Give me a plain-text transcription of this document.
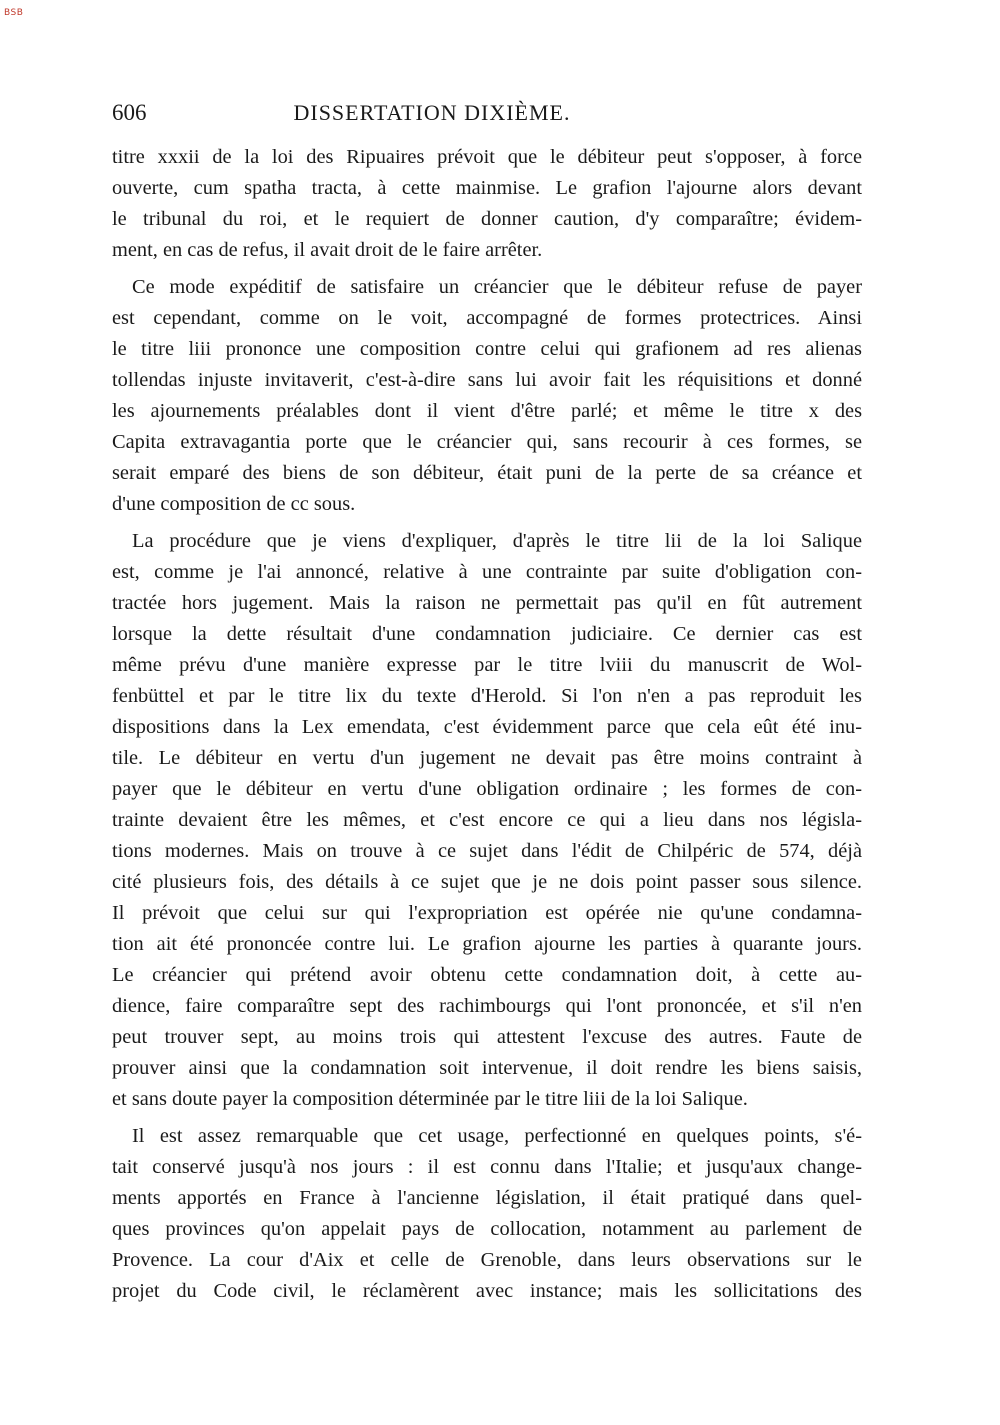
BSB
606	DISSERTATION DIXIÈME.
titre xxxii de la loi des Ripuaires prévoit que le débiteur peut s'opposer, à force
ouverte, cum spatha tracta, à cette mainmise. Le grafion l'ajourne alors devant
le tribunal du roi, et le requiert de donner caution, d'y comparaître; évidem-
ment, en cas de refus, il avait droit de le faire arrêter.
Ce mode expéditif de satisfaire un créancier que le débiteur refuse de payer
est cependant, comme on le voit, accompagné de formes protectrices. Ainsi
le titre liii prononce une composition contre celui qui grafionem ad res alienas
tollendas injuste invitaverit, c'est-à-dire sans lui avoir fait les réquisitions et donné
les ajournements préalables dont il vient d'être parlé; et même le titre x des
Capita extravagantia porte que le créancier qui, sans recourir à ces formes, se
serait emparé des biens de son débiteur, était puni de la perte de sa créance et
d'une composition de cc sous.
La procédure que je viens d'expliquer, d'après le titre lii de la loi Salique
est, comme je l'ai annoncé, relative à une contrainte par suite d'obligation con-
tractée hors jugement. Mais la raison ne permettait pas qu'il en fût autrement
lorsque la dette résultait d'une condamnation judiciaire. Ce dernier cas est
même prévu d'une manière expresse par le titre lviii du manuscrit de Wol-
fenbüttel et par le titre lix du texte d'Herold. Si l'on n'en a pas reproduit les
dispositions dans la Lex emendata, c'est évidemment parce que cela eût été inu-
tile. Le débiteur en vertu d'un jugement ne devait pas être moins contraint à
payer que le débiteur en vertu d'une obligation ordinaire ; les formes de con-
trainte devaient être les mêmes, et c'est encore ce qui a lieu dans nos législa-
tions modernes. Mais on trouve à ce sujet dans l'édit de Chilpéric de 574, déjà
cité plusieurs fois, des détails à ce sujet que je ne dois point passer sous silence.
Il prévoit que celui sur qui l'expropriation est opérée nie qu'une condamna-
tion ait été prononcée contre lui. Le grafion ajourne les parties à quarante jours.
Le créancier qui prétend avoir obtenu cette condamnation doit, à cette au-
dience, faire comparaître sept des rachimbourgs qui l'ont prononcée, et s'il n'en
peut trouver sept, au moins trois qui attestent l'excuse des autres. Faute de
prouver ainsi que la condamnation soit intervenue, il doit rendre les biens saisis,
et sans doute payer la composition déterminée par le titre liii de la loi Salique.
Il est assez remarquable que cet usage, perfectionné en quelques points, s'é-
tait conservé jusqu'à nos jours : il est connu dans l'Italie; et jusqu'aux change-
ments apportés en France à l'ancienne législation, il était pratiqué dans quel-
ques provinces qu'on appelait pays de collocation, notamment au parlement de
Provence. La cour d'Aix et celle de Grenoble, dans leurs observations sur le
projet du Code civil, le réclamèrent avec instance; mais les sollicitations des
